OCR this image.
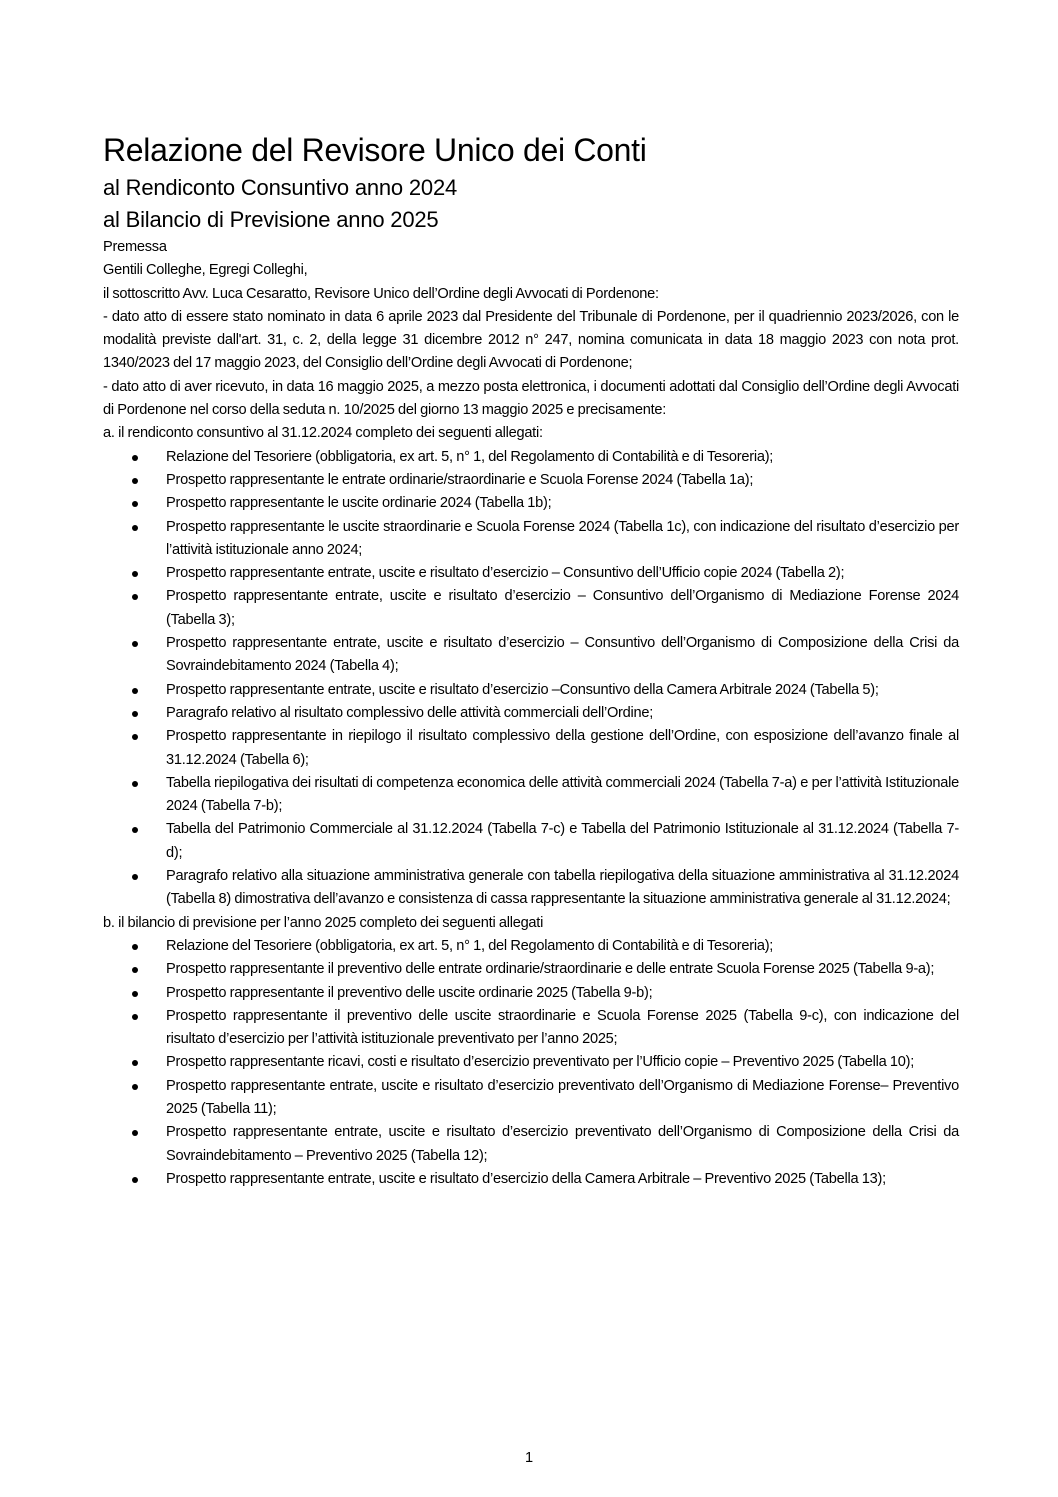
Relazione del Revisore Unico dei Conti
al Rendiconto Consuntivo anno 2024
al Bilancio di Previsione anno 2025

Premessa

Gentili Colleghe, Egregi Colleghi,

il sottoscritto Avv. Luca Cesaratto, Revisore Unico dell’Ordine degli Avvocati di Pordenone:

- dato atto di essere stato nominato in data 6 aprile 2023 dal Presidente del Tribunale di Pordenone, per il quadriennio 2023/2026, con le modalità previste dall'art. 31, c. 2, della legge 31 dicembre 2012 n° 247, nomina comunicata in data 18 maggio 2023 con nota prot. 1340/2023 del 17 maggio 2023, del Consiglio dell’Ordine degli Avvocati di Pordenone;

- dato atto di aver ricevuto, in data 16 maggio 2025, a mezzo posta elettronica, i documenti adottati dal Consiglio dell’Ordine degli Avvocati di Pordenone nel corso della seduta n. 10/2025 del giorno 13 maggio 2025 e precisamente:

a. il rendiconto consuntivo al 31.12.2024 completo dei seguenti allegati:

Relazione del Tesoriere (obbligatoria, ex art. 5, n° 1, del Regolamento di Contabilità e di Tesoreria);
Prospetto rappresentante le entrate ordinarie/straordinarie e Scuola Forense 2024 (Tabella 1a);
Prospetto rappresentante le uscite ordinarie 2024 (Tabella 1b);
Prospetto rappresentante le uscite straordinarie e Scuola Forense 2024 (Tabella 1c), con indicazione del risultato d’esercizio per l’attività istituzionale anno 2024;
Prospetto rappresentante entrate, uscite e risultato d’esercizio – Consuntivo dell’Ufficio copie 2024 (Tabella 2);
Prospetto rappresentante entrate, uscite e risultato d’esercizio – Consuntivo dell’Organismo di Mediazione Forense 2024 (Tabella 3);
Prospetto rappresentante entrate, uscite e risultato d’esercizio – Consuntivo dell’Organismo di Composizione della Crisi da Sovraindebitamento 2024 (Tabella 4);
Prospetto rappresentante entrate, uscite e risultato d’esercizio –Consuntivo della Camera Arbitrale 2024 (Tabella 5);
Paragrafo relativo al risultato complessivo delle attività commerciali dell’Ordine;
Prospetto rappresentante in riepilogo il risultato complessivo della gestione dell’Ordine, con esposizione dell’avanzo finale al 31.12.2024 (Tabella 6);
Tabella riepilogativa dei risultati di competenza economica delle attività commerciali 2024 (Tabella 7-a) e per l’attività Istituzionale 2024 (Tabella 7-b);
Tabella del Patrimonio Commerciale al 31.12.2024 (Tabella 7-c) e Tabella del Patrimonio Istituzionale al 31.12.2024 (Tabella 7-d);
Paragrafo relativo alla situazione amministrativa generale con tabella riepilogativa della situazione amministrativa al 31.12.2024 (Tabella 8) dimostrativa dell’avanzo e consistenza di cassa rappresentante la situazione amministrativa generale al 31.12.2024;

b. il bilancio di previsione per l’anno 2025 completo dei seguenti allegati

Relazione del Tesoriere (obbligatoria, ex art. 5, n° 1, del Regolamento di Contabilità e di Tesoreria);
Prospetto rappresentante il preventivo delle entrate ordinarie/straordinarie e delle entrate Scuola Forense 2025 (Tabella 9-a);
Prospetto rappresentante il preventivo delle uscite ordinarie 2025 (Tabella 9-b);
Prospetto rappresentante il preventivo delle uscite straordinarie e Scuola Forense 2025 (Tabella 9-c), con indicazione del risultato d’esercizio per l’attività istituzionale preventivato per l’anno 2025;
Prospetto rappresentante ricavi, costi e risultato d’esercizio preventivato per l’Ufficio copie – Preventivo 2025 (Tabella 10);
Prospetto rappresentante entrate, uscite e risultato d’esercizio preventivato dell’Organismo di Mediazione Forense– Preventivo 2025 (Tabella 11);
Prospetto rappresentante entrate, uscite e risultato d’esercizio preventivato dell’Organismo di Composizione della Crisi da Sovraindebitamento – Preventivo 2025 (Tabella 12);
Prospetto rappresentante entrate, uscite e risultato d’esercizio della Camera Arbitrale – Preventivo 2025 (Tabella 13);
1
